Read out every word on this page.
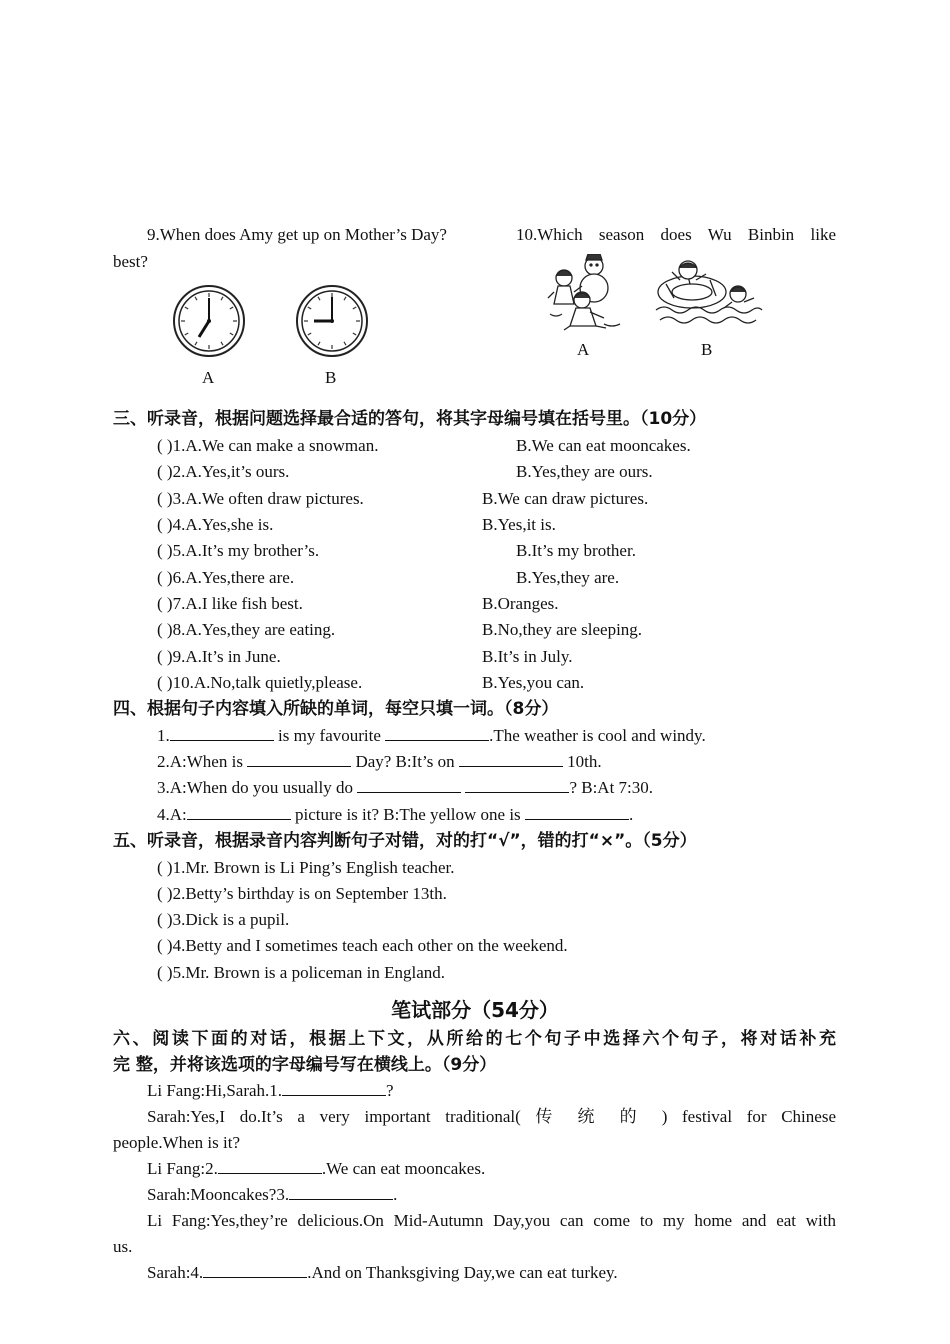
9.When does Amy get up on Mother’s Day?	10.Which season does Wu Binbin like
best?
A	B
A	B
三、听录音，根据问题选择最合适的答句，将其字母编号填在括号里。（10分）
( )1.A.We can make a snowman.	B.We can eat mooncakes.
( )2.A.Yes,it’s ours.	B.Yes,they are ours.
( )3.A.We often draw pictures.	B.We can draw pictures.
( )4.A.Yes,she is.	B.Yes,it is.
( )5.A.It’s my brother’s.	B.It’s my brother.
( )6.A.Yes,there are.	B.Yes,they are.
( )7.A.I like fish best.	B.Oranges.
( )8.A.Yes,they are eating.	B.No,they are sleeping.
( )9.A.It’s in June.	B.It’s in July.
( )10.A.No,talk quietly,please.	B.Yes,you can.
四、根据句子内容填入所缺的单词，每空只填一词。（8分）
1.	is my favourite	.The weather is cool and windy.
2.A:When is	Day? B:It’s on	10th.
3.A:When do you usually do	? B:At 7:30.
4.A:	picture is it? B:The yellow one is	.
五、听录音，根据录音内容判断句子对错，对的打“√”，错的打“×”。（5分）
( )1.Mr. Brown is Li Ping’s English teacher.
( )2.Betty’s birthday is on September 13th.
( )3.Dick is a pupil.
( )4.Betty and I sometimes teach each other on the weekend.
( )5.Mr. Brown is a policeman in England.
笔试部分（54分）
六、阅读下面的对话，根据上下文，从所给的七个句子中选择六个句子，将对话补充
完 整，并将该选项的字母编号写在横线上。（9分）
Li Fang:Hi,Sarah.1.	?
Sarah:Yes,I do.It’s a very important traditional( 传 统 的 ) festival for Chinese
people.When is it?
Li Fang:2.	.We can eat mooncakes.
Sarah:Mooncakes?3.	.
Li Fang:Yes,they’re delicious.On Mid-Autumn Day,you can come to my home and eat with
us.
Sarah:4.	.And on Thanksgiving Day,we can eat turkey.
